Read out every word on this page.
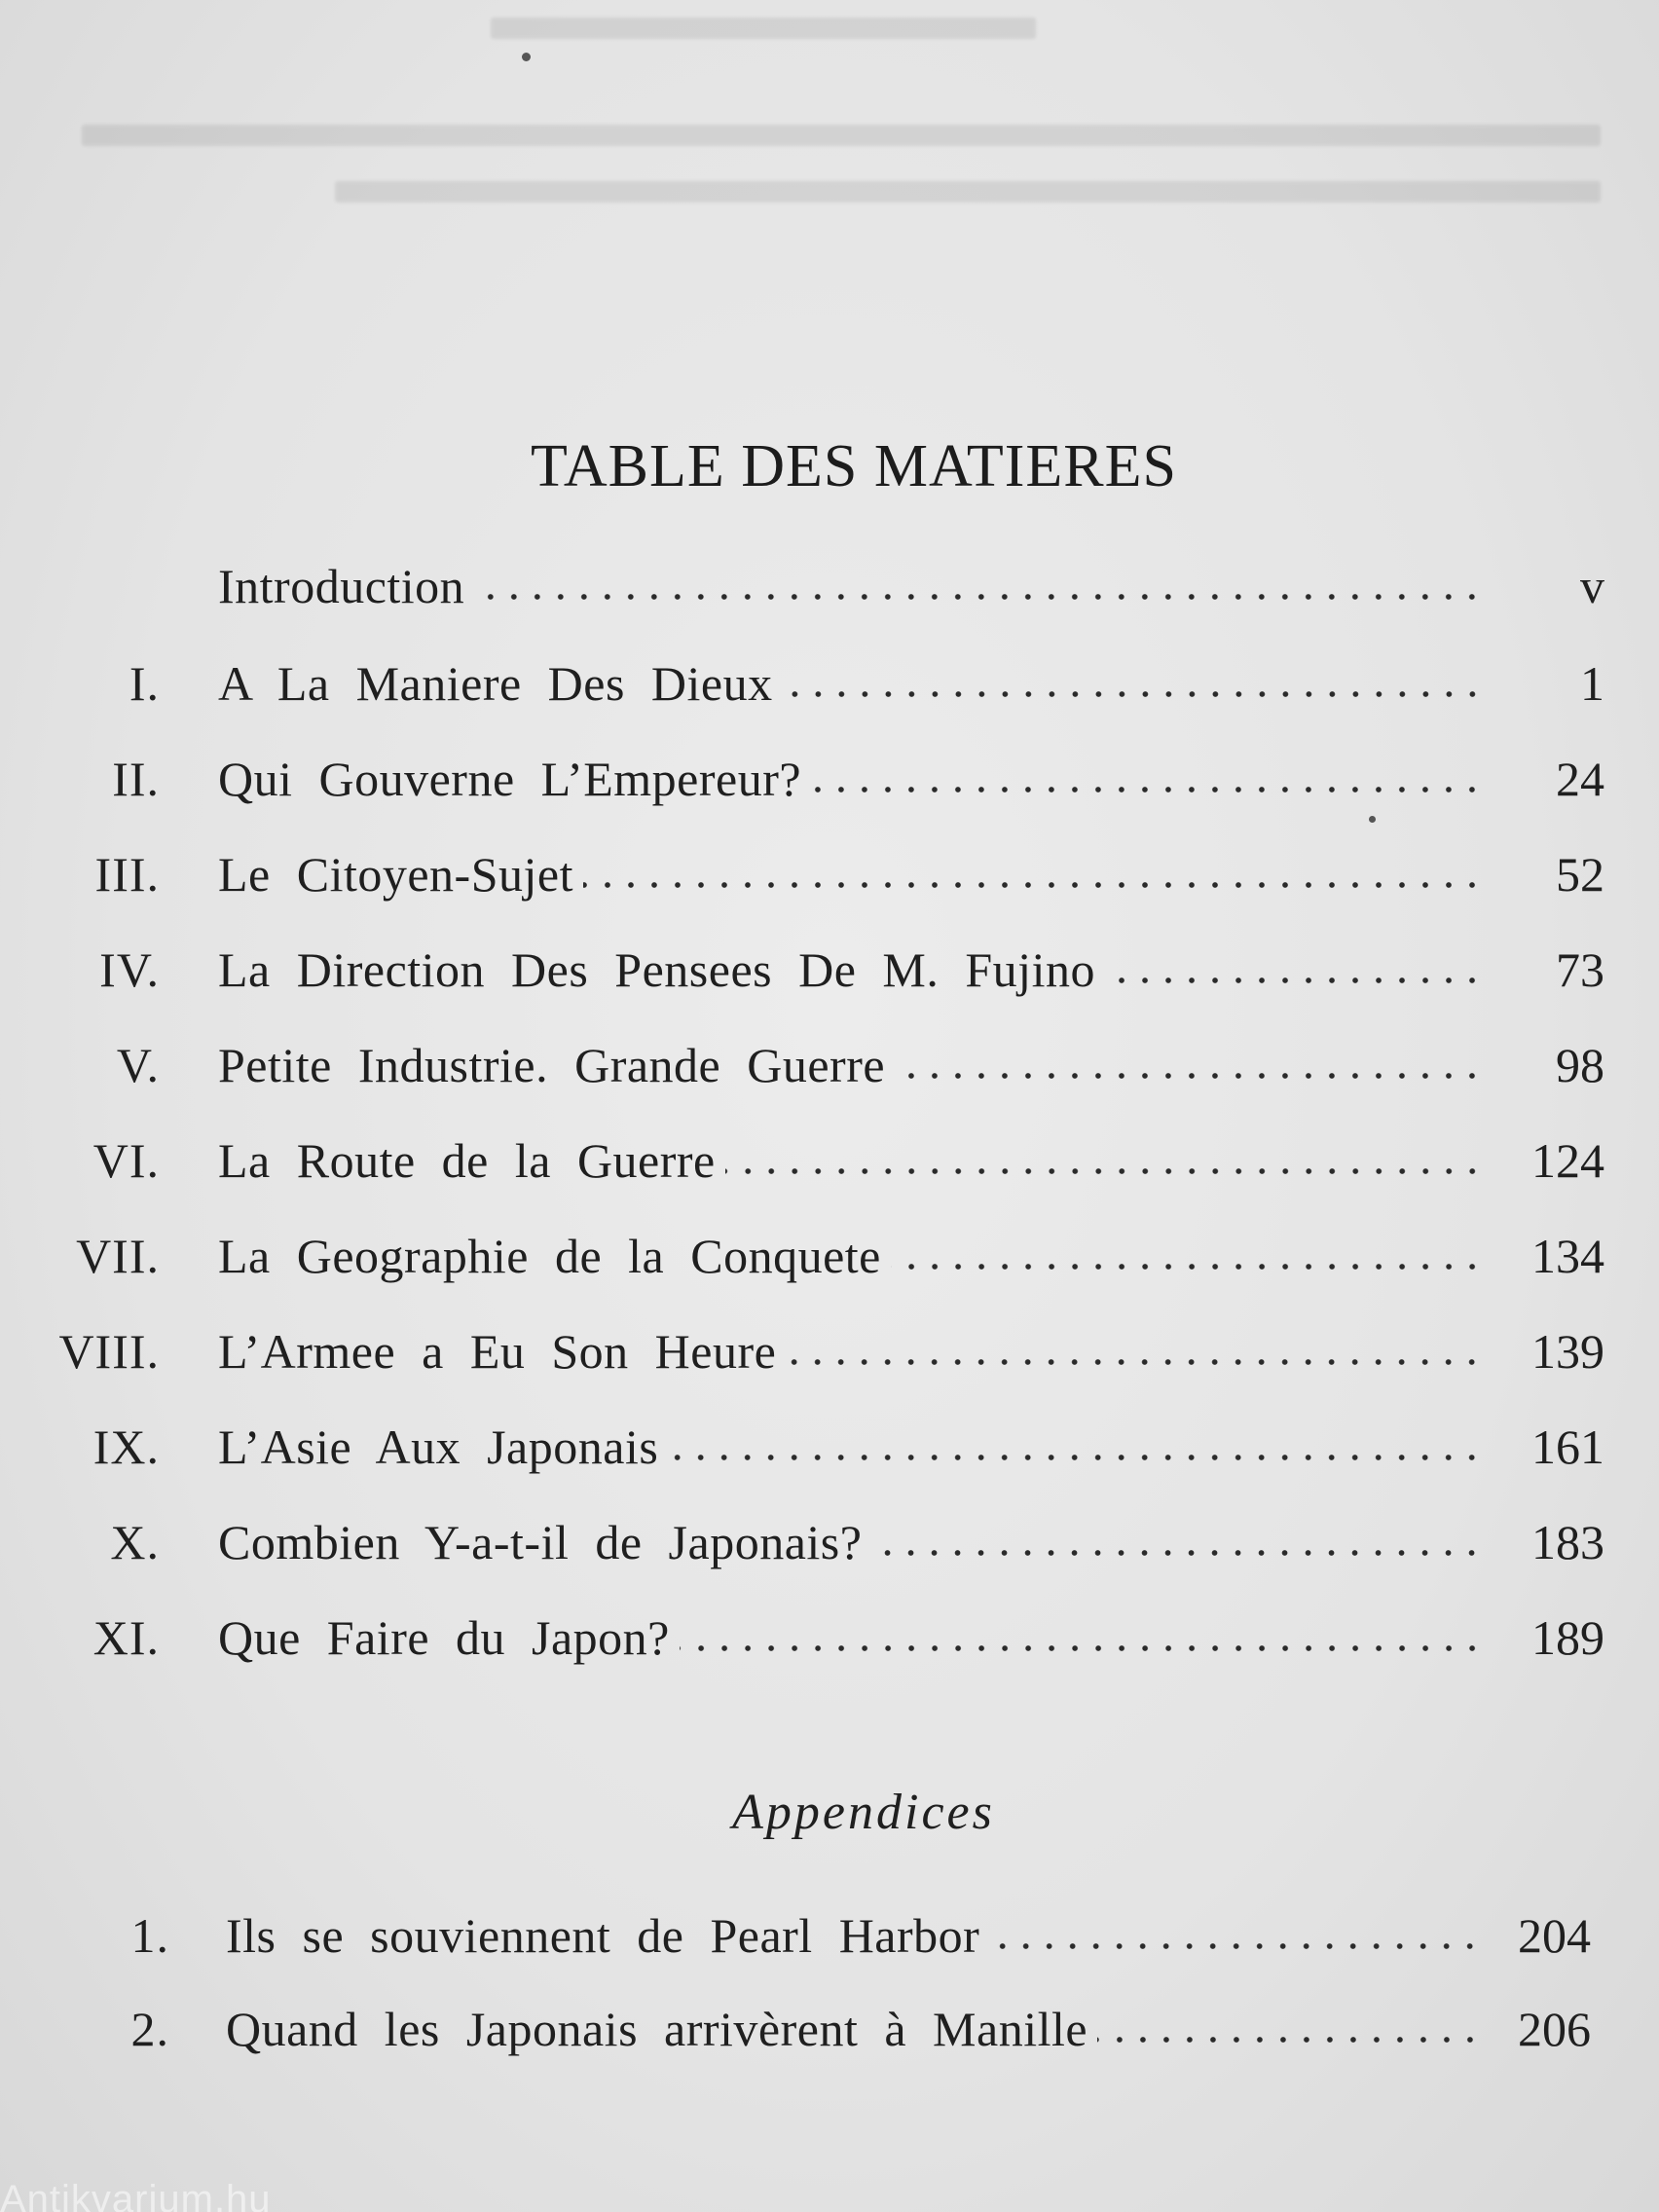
TABLE DES MATIERES
Introduction	v
I. A La Maniere Des Dieux	1
II. Qui Gouverne L’Empereur?	24
III. Le Citoyen-Sujet	52
IV. La Direction Des Pensees De M. Fujino	73
V. Petite Industrie. Grande Guerre	98
VI. La Route de la Guerre	124
VII. La Geographie de la Conquete	134
VIII. L’Armee a Eu Son Heure	139
IX. L’Asie Aux Japonais	161
X. Combien Y-a-t-il de Japonais?	183
XI. Que Faire du Japon?	189
Appendices
1. Ils se souviennent de Pearl Harbor	204
2. Quand les Japonais arrivèrent à Manille	206
Antikvarium.hu
